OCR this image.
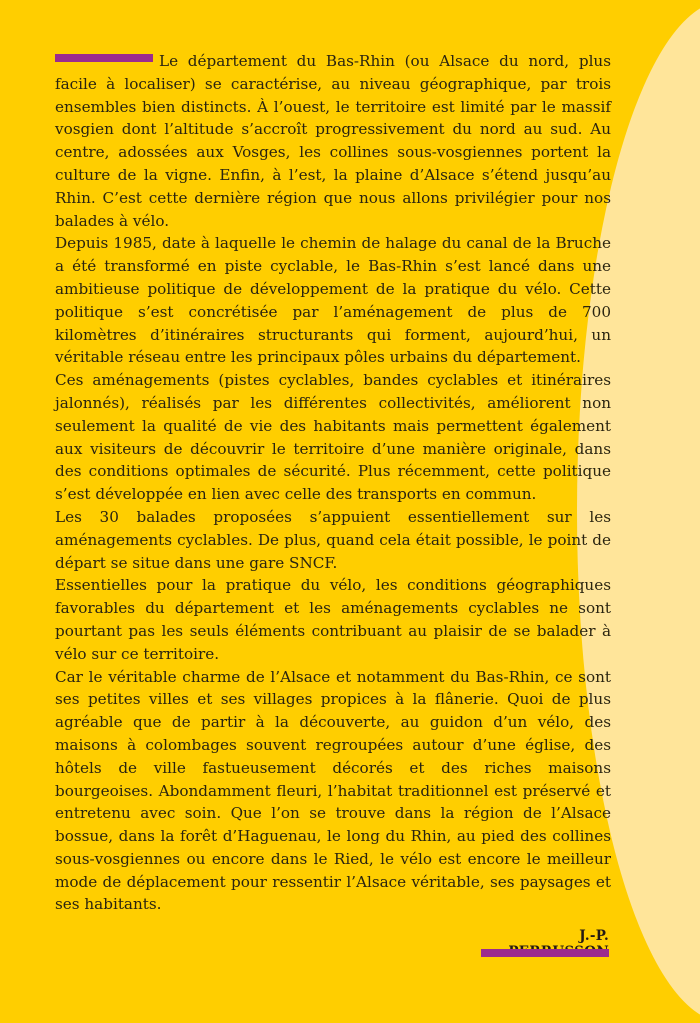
Le département du Bas-Rhin (ou Alsace du nord, plus facile à localiser) se caractérise, au niveau géographique, par trois ensembles bien distincts. À l’ouest, le territoire est limité par le massif vosgien dont l’altitude s’accroît progressivement du nord au sud. Au centre, adossées aux Vosges, les collines sous-vosgiennes portent la culture de la vigne. Enfin, à l’est, la plaine d’Alsace s’étend jusqu’au Rhin. C’est cette dernière région que nous allons privilégier pour nos balades à vélo.

Depuis 1985, date à laquelle le chemin de halage du canal de la Bruche a été transformé en piste cyclable, le Bas-Rhin s’est lancé dans une ambitieuse politique de développement de la pratique du vélo. Cette politique s’est concrétisée par l’aménagement de plus de 700 kilomètres d’itinéraires structurants qui forment, aujourd’hui, un véritable réseau entre les principaux pôles urbains du département.

Ces aménagements (pistes cyclables, bandes cyclables et itinéraires jalonnés), réalisés par les différentes collectivités, améliorent non seulement la qualité de vie des habitants mais permettent également aux visiteurs de découvrir le territoire d’une manière originale, dans des conditions optimales de sécurité. Plus récemment, cette politique s’est développée en lien avec celle des transports en commun.

Les 30 balades proposées s’appuient essentiellement sur les aménagements cyclables. De plus, quand cela était possible, le point de départ se situe dans une gare SNCF.

Essentielles pour la pratique du vélo, les conditions géographiques favorables du département et les aménagements cyclables ne sont pourtant pas les seuls éléments contribuant au plaisir de se balader à vélo sur ce territoire.

Car le véritable charme de l’Alsace et notamment du Bas-Rhin, ce sont ses petites villes et ses villages propices à la flânerie. Quoi de plus agréable que de partir à la découverte, au guidon d’un vélo, des maisons à colombages souvent regroupées autour d’une église, des hôtels de ville fastueusement décorés et des riches maisons bourgeoises. Abondamment fleuri, l’habitat traditionnel est préservé et entretenu avec soin. Que l’on se trouve dans la région de l’Alsace bossue, dans la forêt d’Haguenau, le long du Rhin, au pied des collines sous-vosgiennes ou encore dans le Ried, le vélo est encore le meilleur mode de déplacement pour ressentir l’Alsace véritable, ses paysages et ses habitants.

J.-P.
